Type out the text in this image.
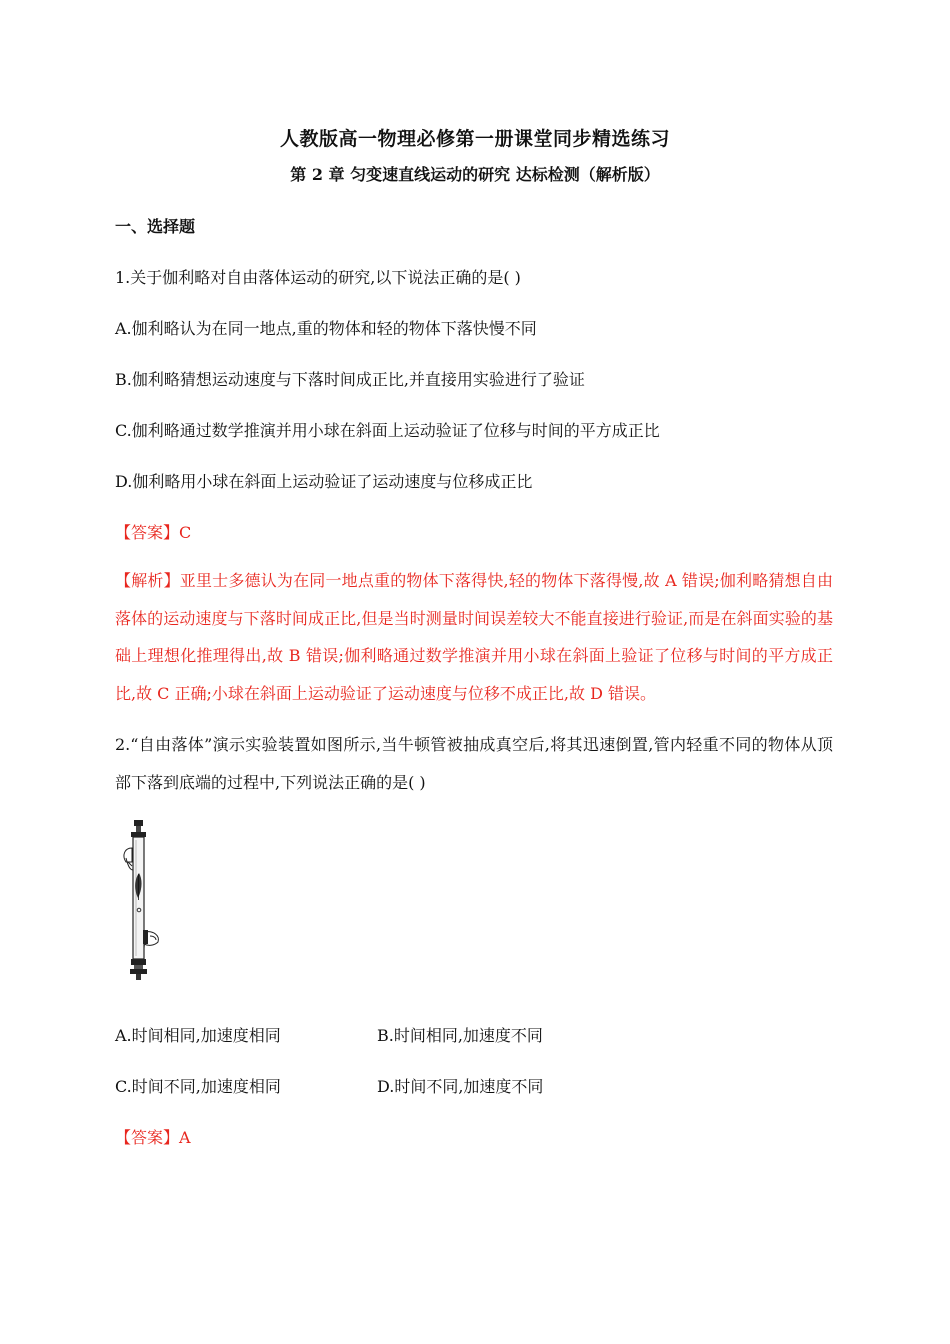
人教版高一物理必修第一册课堂同步精选练习
第 2 章 匀变速直线运动的研究 达标检测（解析版）
一、选择题
1.关于伽利略对自由落体运动的研究,以下说法正确的是( )
A.伽利略认为在同一地点,重的物体和轻的物体下落快慢不同
B.伽利略猜想运动速度与下落时间成正比,并直接用实验进行了验证
C.伽利略通过数学推演并用小球在斜面上运动验证了位移与时间的平方成正比
D.伽利略用小球在斜面上运动验证了运动速度与位移成正比
【答案】C
【解析】亚里士多德认为在同一地点重的物体下落得快,轻的物体下落得慢,故 A 错误;伽利略猜想自由落体的运动速度与下落时间成正比,但是当时测量时间误差较大不能直接进行验证,而是在斜面实验的基础上理想化推理得出,故 B 错误;伽利略通过数学推演并用小球在斜面上验证了位移与时间的平方成正比,故 C 正确;小球在斜面上运动验证了运动速度与位移不成正比,故 D 错误。
2.“自由落体”演示实验装置如图所示,当牛顿管被抽成真空后,将其迅速倒置,管内轻重不同的物体从顶部下落到底端的过程中,下列说法正确的是( )
A.时间相同,加速度相同	B.时间相同,加速度不同
C.时间不同,加速度相同	D.时间不同,加速度不同
【答案】A
